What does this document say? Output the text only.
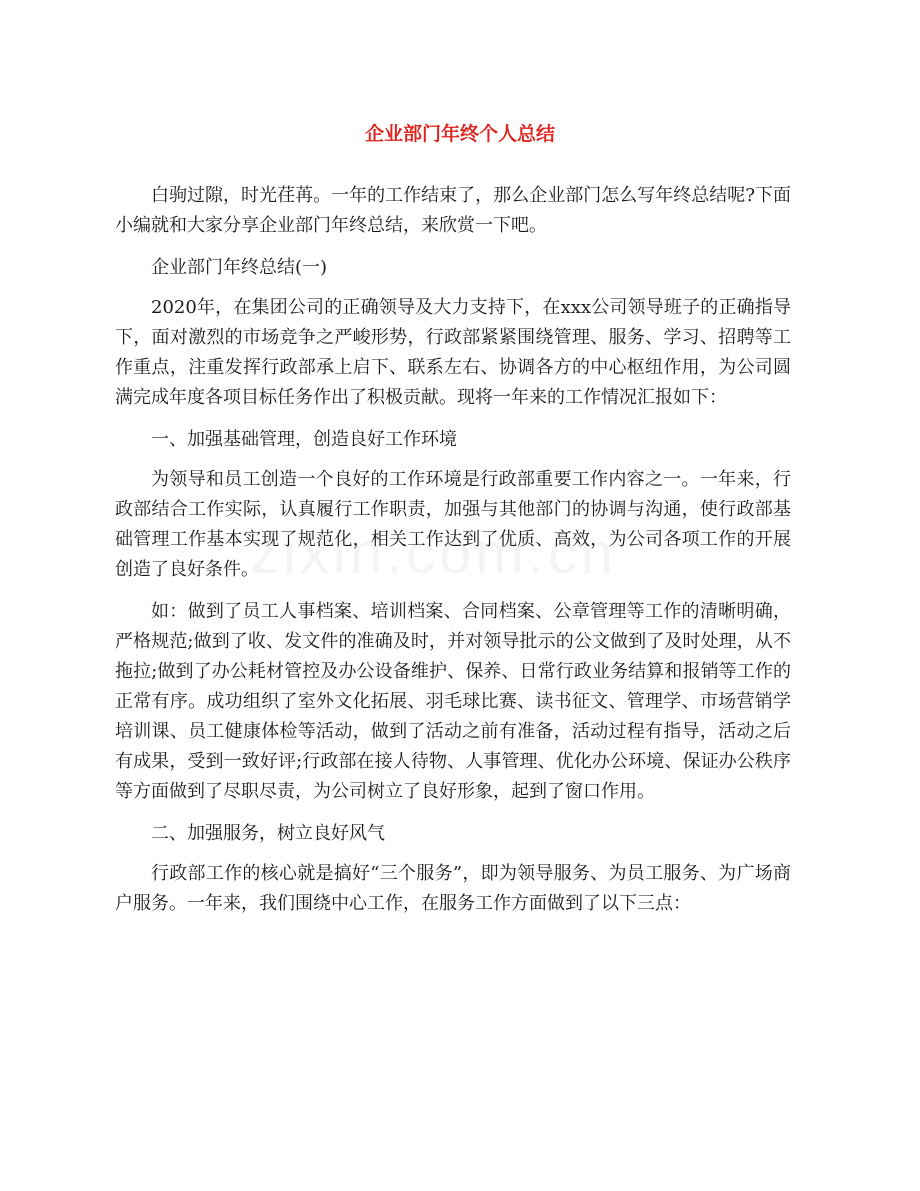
企业部门年终个人总结

白驹过隙，时光荏苒。一年的工作结束了，那么企业部门怎么写年终总结呢?下面小编就和大家分享企业部门年终总结，来欣赏一下吧。

企业部门年终总结(一)

2020年，在集团公司的正确领导及大力支持下，在xxx公司领导班子的正确指导下，面对激烈的市场竞争之严峻形势，行政部紧紧围绕管理、服务、学习、招聘等工作重点，注重发挥行政部承上启下、联系左右、协调各方的中心枢纽作用，为公司圆满完成年度各项目标任务作出了积极贡献。现将一年来的工作情况汇报如下：

一、加强基础管理，创造良好工作环境

为领导和员工创造一个良好的工作环境是行政部重要工作内容之一。一年来，行政部结合工作实际，认真履行工作职责，加强与其他部门的协调与沟通，使行政部基础管理工作基本实现了规范化，相关工作达到了优质、高效，为公司各项工作的开展创造了良好条件。

如：做到了员工人事档案、培训档案、合同档案、公章管理等工作的清晰明确，严格规范;做到了收、发文件的准确及时，并对领导批示的公文做到了及时处理，从不拖拉;做到了办公耗材管控及办公设备维护、保养、日常行政业务结算和报销等工作的正常有序。成功组织了室外文化拓展、羽毛球比赛、读书征文、管理学、市场营销学培训课、员工健康体检等活动，做到了活动之前有准备，活动过程有指导，活动之后有成果，受到一致好评;行政部在接人待物、人事管理、优化办公环境、保证办公秩序等方面做到了尽职尽责，为公司树立了良好形象，起到了窗口作用。

二、加强服务，树立良好风气

行政部工作的核心就是搞好“三个服务”，即为领导服务、为员工服务、为广场商户服务。一年来，我们围绕中心工作，在服务工作方面做到了以下三点：
